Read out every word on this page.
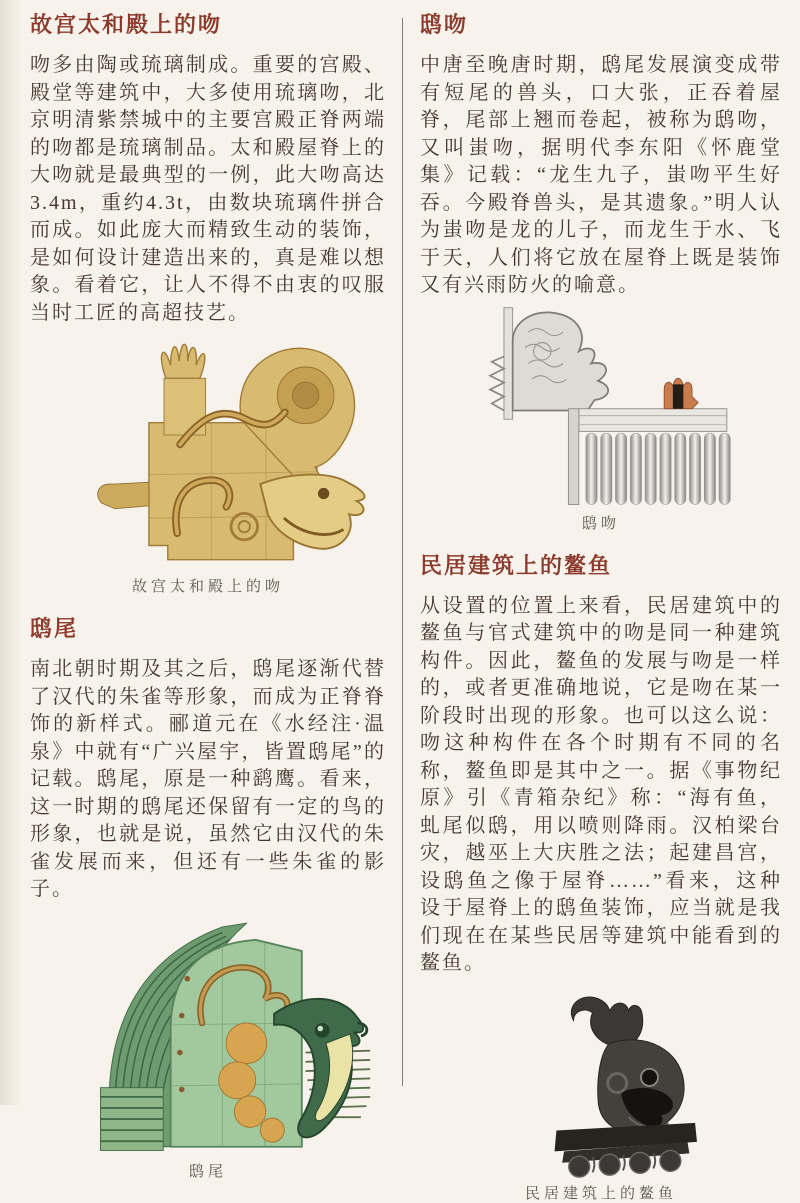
故宫太和殿上的吻

吻多由陶或琉璃制成。重要的宫殿、殿堂等建筑中，大多使用琉璃吻，北京明清紫禁城中的主要宫殿正脊两端的吻都是琉璃制品。太和殿屋脊上的大吻就是最典型的一例，此大吻高达3.4m，重约4.3t，由数块琉璃件拼合而成。如此庞大而精致生动的装饰，是如何设计建造出来的，真是难以想象。看着它，让人不得不由衷的叹服当时工匠的高超技艺。

故宫太和殿上的吻
鸱尾

南北朝时期及其之后，鸱尾逐渐代替了汉代的朱雀等形象，而成为正脊脊饰的新样式。郦道元在《水经注·温泉》中就有“广兴屋宇，皆置鸱尾”的记载。鸱尾，原是一种鹞鹰。看来，这一时期的鸱尾还保留有一定的鸟的形象，也就是说，虽然它由汉代的朱雀发展而来，但还有一些朱雀的影子。

鸱尾
鸱吻

中唐至晚唐时期，鸱尾发展演变成带有短尾的兽头，口大张，正吞着屋脊，尾部上翘而卷起，被称为鸱吻，又叫蚩吻，据明代李东阳《怀鹿堂集》记载：“龙生九子，蚩吻平生好吞。今殿脊兽头，是其遗象。”明人认为蚩吻是龙的儿子，而龙生于水、飞于天，人们将它放在屋脊上既是装饰又有兴雨防火的喻意。

鸱吻
民居建筑上的鳌鱼

从设置的位置上来看，民居建筑中的鳌鱼与官式建筑中的吻是同一种建筑构件。因此，鳌鱼的发展与吻是一样的，或者更准确地说，它是吻在某一阶段时出现的形象。也可以这么说：吻这种构件在各个时期有不同的名称，鳌鱼即是其中之一。据《事物纪原》引《青箱杂纪》称：“海有鱼，虬尾似鸱，用以喷则降雨。汉柏梁台灾，越巫上大庆胜之法；起建昌宫，设鸱鱼之像于屋脊……”看来，这种设于屋脊上的鸱鱼装饰，应当就是我们现在在某些民居等建筑中能看到的鳌鱼。

民居建筑上的鳌鱼
